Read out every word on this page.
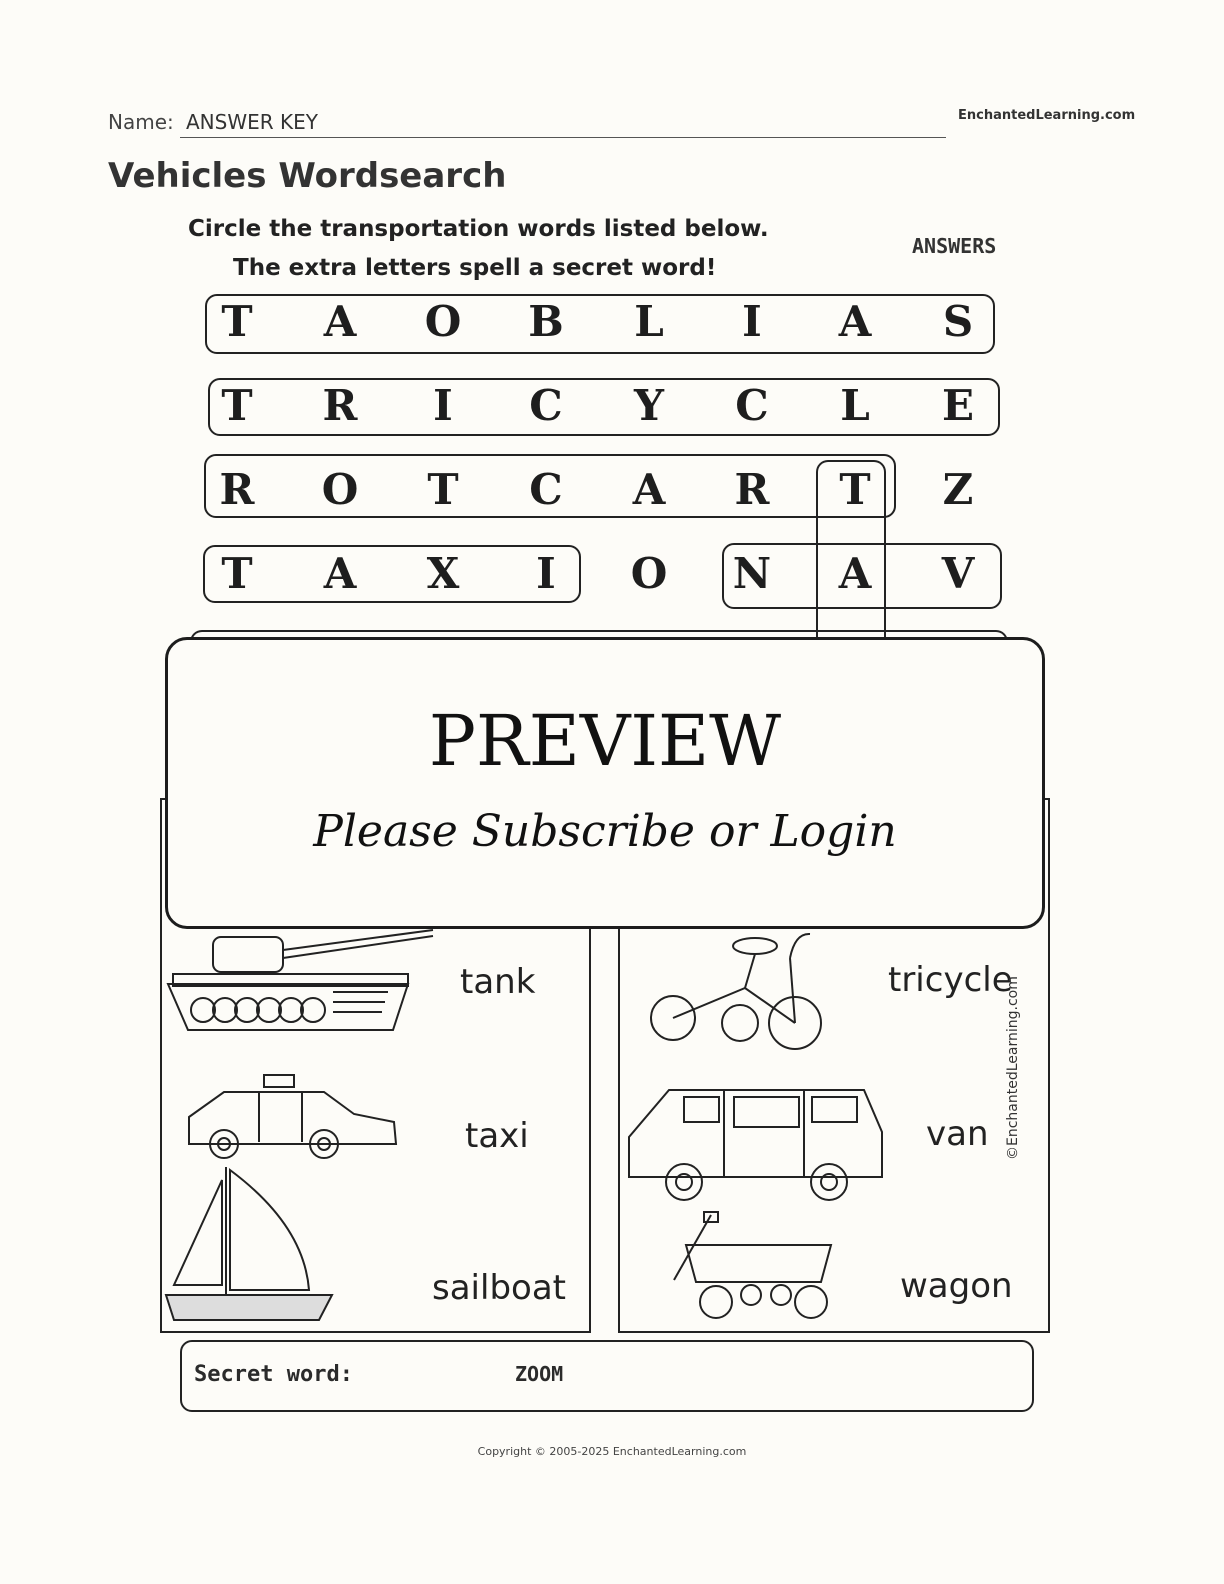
Name: ANSWER KEY	EnchantedLearning.com
Vehicles Wordsearch
Circle the transportation words listed below.
The extra letters spell a secret word!
ANSWERS
T	A	O B	L	I	A	S
T	R	I	C	Y	C	L	E
R O	T	C	A	R	T	Z
T	A	X	I	O N	A	V
tank
taxi
sailboat
tricycle
van
wagon
©EnchantedLearning.com
PREVIEW
Please Subscribe or Login
Secret word:	ZOOM
Copyright © 2005-2025 EnchantedLearning.com
